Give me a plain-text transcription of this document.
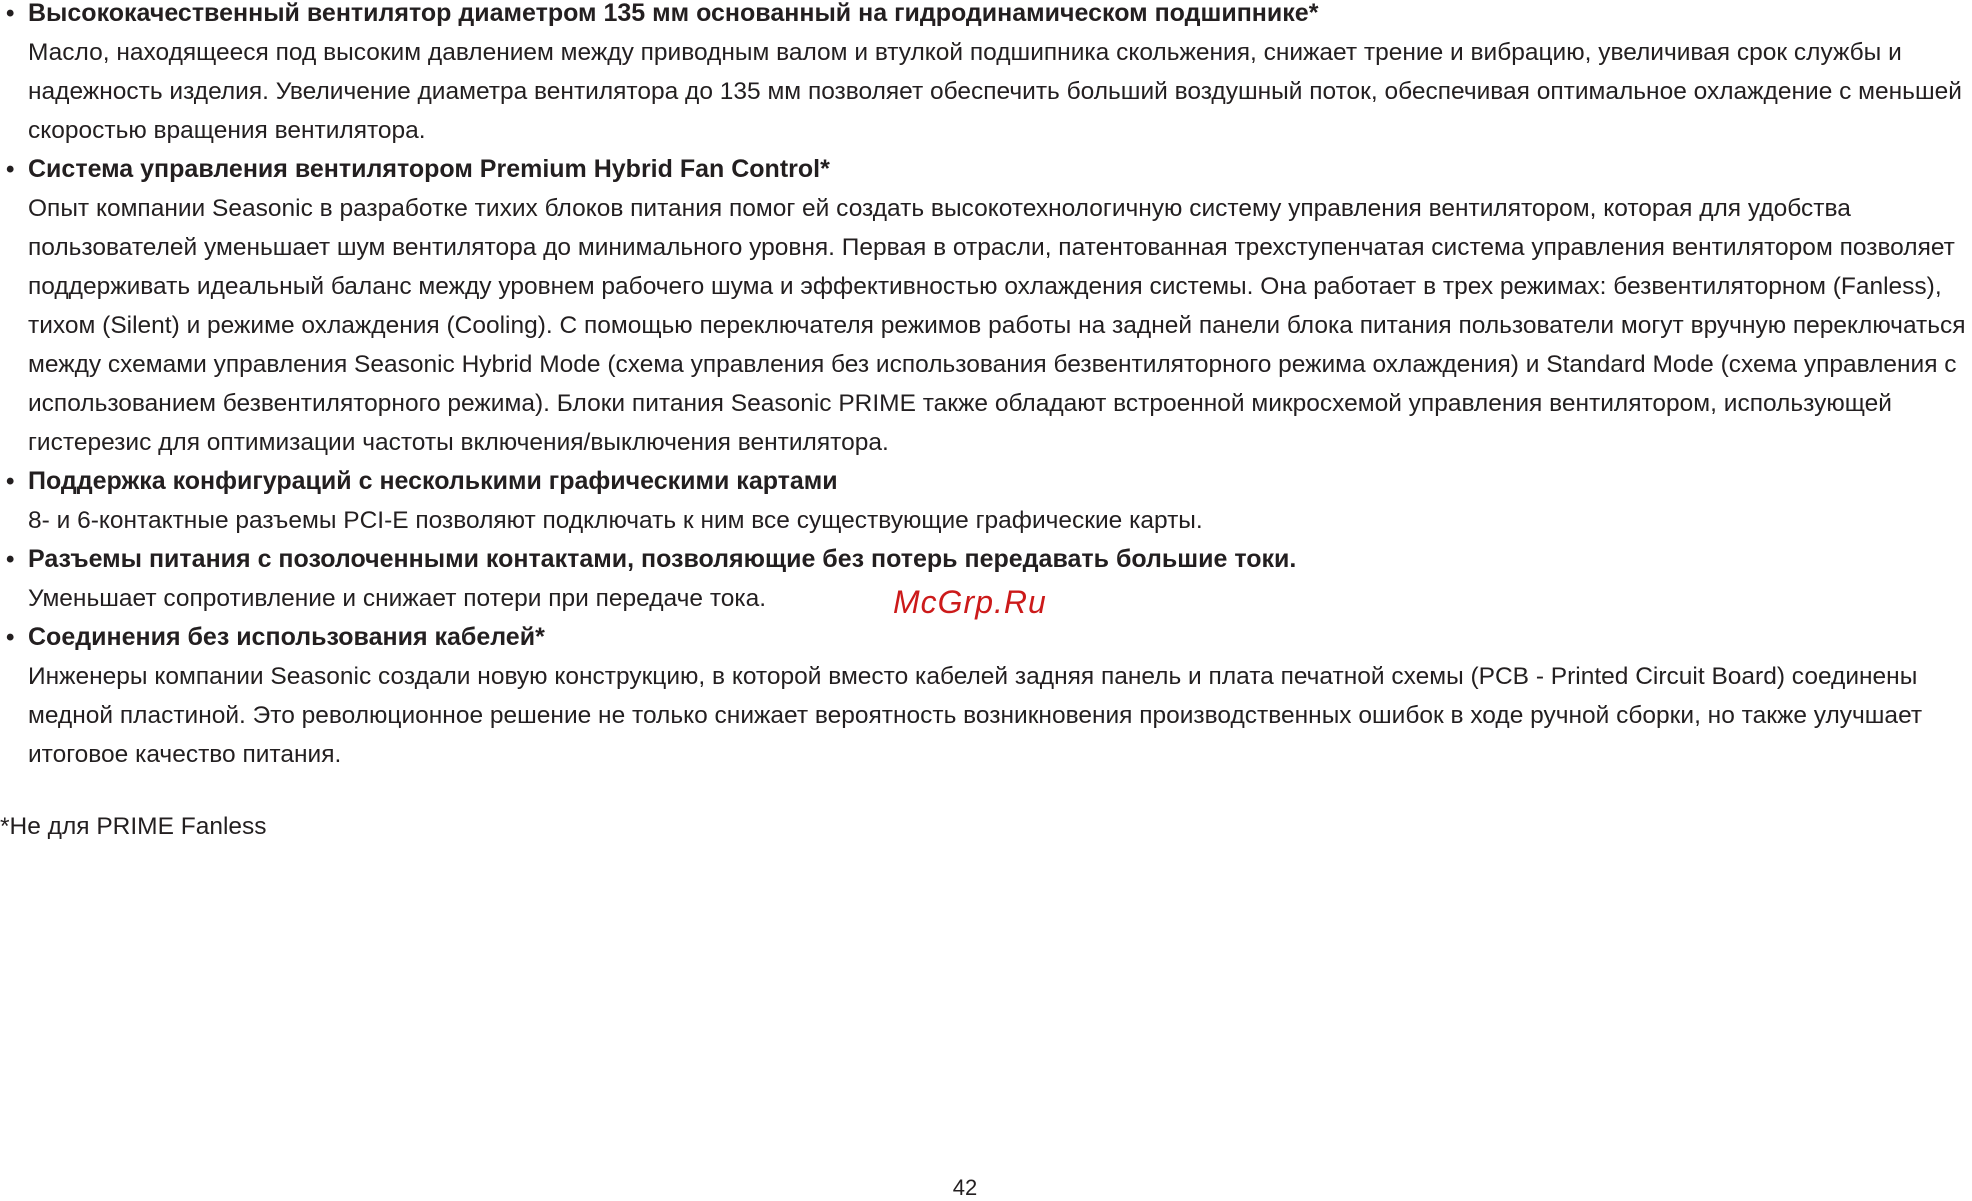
• Высококачественный вентилятор диаметром 135 мм основанный на гидродинамическом подшипнике*
Масло, находящееся под высоким давлением между приводным валом и втулкой подшипника скольжения, снижает трение и вибрацию, увеличивая срок службы и надежность изделия. Увеличение диаметра вентилятора до 135 мм позволяет обеспечить больший воздушный поток, обеспечивая оптимальное охлаждение с меньшей скоростью вращения вентилятора.
• Система управления вентилятором Premium Hybrid Fan Control*
Опыт компании Seasonic в разработке тихих блоков питания помог ей создать высокотехнологичную систему управления вентилятором, которая для удобства пользователей уменьшает шум вентилятора до минимального уровня. Первая в отрасли, патентованная трехступенчатая система управления вентилятором позволяет поддерживать идеальный баланс между уровнем рабочего шума и эффективностью охлаждения системы. Она работает в трех режимах: безвентиляторном (Fanless), тихом (Silent) и режиме охлаждения (Cooling). С помощью переключателя режимов работы на задней панели блока питания пользователи могут вручную переключаться между схемами управления Seasonic Hybrid Mode (схема управления без использования безвентиляторного режима охлаждения) и Standard Mode (схема управления с использованием безвентиляторного режима). Блоки питания Seasonic PRIME также обладают встроенной микросхемой управления вентилятором, использующей гистерезис для оптимизации частоты включения/выключения вентилятора.
• Поддержка конфигураций с несколькими графическими картами
8- и 6-контактные разъемы PCI-E позволяют подключать к ним все существующие графические карты.
• Разъемы питания с позолоченными контактами, позволяющие без потерь передавать большие токи.
Уменьшает сопротивление и снижает потери при передаче тока.
• Соединения без использования кабелей*
Инженеры компании Seasonic создали новую конструкцию, в которой вместо кабелей задняя панель и плата печатной схемы (PCB - Printed Circuit Board) соединены медной пластиной. Это революционное решение не только снижает вероятность возникновения производственных ошибок в ходе ручной сборки, но также улучшает итоговое качество питания.
*Не для PRIME Fanless
McGrp.Ru
42
